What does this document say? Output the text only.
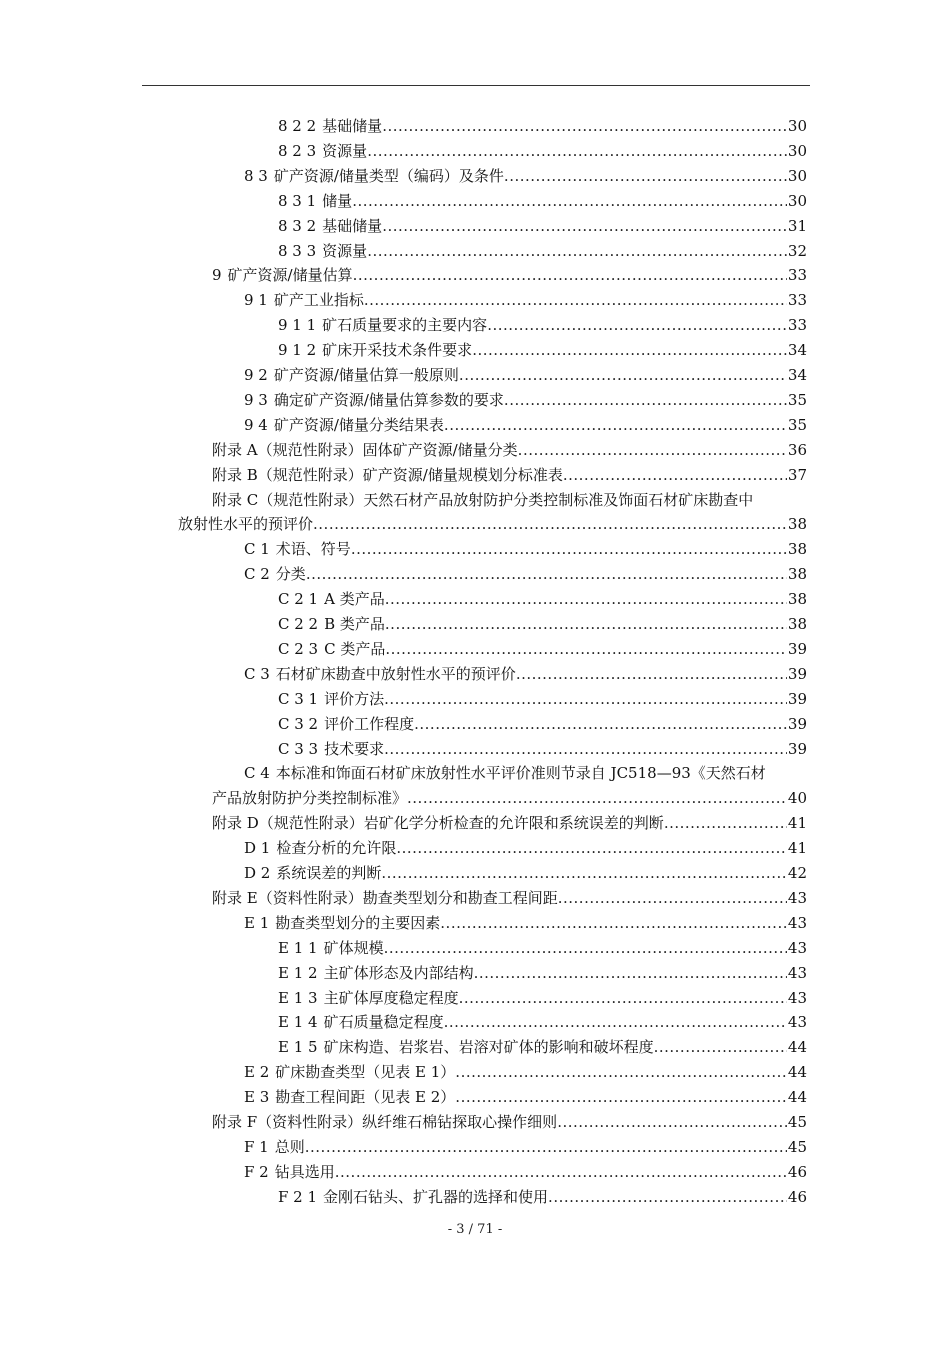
8 2 2 基础储量 .....	30
8 2 3 资源量 .....	30
8 3 矿产资源/储量类型（编码）及条件 .....	30
8 3 1 储量 .....	30
8 3 2 基础储量 .....	31
8 3 3 资源量 .....	32
9 矿产资源/储量估算 .....	33
9 1 矿产工业指标 .....	33
9 1 1 矿石质量要求的主要内容 .....	33
9 1 2 矿床开采技术条件要求 .....	34
9 2 矿产资源/储量估算一般原则 .....	34
9 3 确定矿产资源/储量估算参数的要求 .....	35
9 4 矿产资源/储量分类结果表 .....	35
附录 A（规范性附录）固体矿产资源/储量分类 .....	36
附录 B（规范性附录）矿产资源/储量规模划分标准表 .....	37
附录 C（规范性附录）天然石材产品放射防护分类控制标准及饰面石材矿床勘查中
放射性水平的预评价 .....	38
C 1 术语、符号 .....	38
C 2 分类 .....	38
C 2 1 A 类产品 .....	38
C 2 2 B 类产品 .....	38
C 2 3 C 类产品 .....	39
C 3 石材矿床勘查中放射性水平的预评价 .....	39
C 3 1 评价方法 .....	39
C 3 2 评价工作程度 .....	39
C 3 3 技术要求 .....	39
C 4 本标准和饰面石材矿床放射性水平评价准则节录自 JC518—93《天然石材
产品放射防护分类控制标准》 .....	40
附录 D（规范性附录）岩矿化学分析检查的允许限和系统误差的判断 .....	41
D 1 检查分析的允许限 .....	41
D 2 系统误差的判断 .....	42
附录 E（资料性附录）勘查类型划分和勘查工程间距 .....	43
E 1 勘查类型划分的主要因素 .....	43
E 1 1 矿体规模 .....	43
E 1 2 主矿体形态及内部结构 .....	43
E 1 3 主矿体厚度稳定程度 .....	43
E 1 4 矿石质量稳定程度 .....	43
E 1 5 矿床构造、岩浆岩、岩溶对矿体的影响和破坏程度 .....	44
E 2 矿床勘查类型（见表 E 1） .....	44
E 3 勘查工程间距（见表 E 2） .....	44
附录 F（资料性附录）纵纤维石棉钻探取心操作细则 .....	45
F 1 总则 .....	45
F 2 钻具选用 .....	46
F 2 1 金刚石钻头、扩孔器的选择和使用 .....	46
- 3 / 71 -
